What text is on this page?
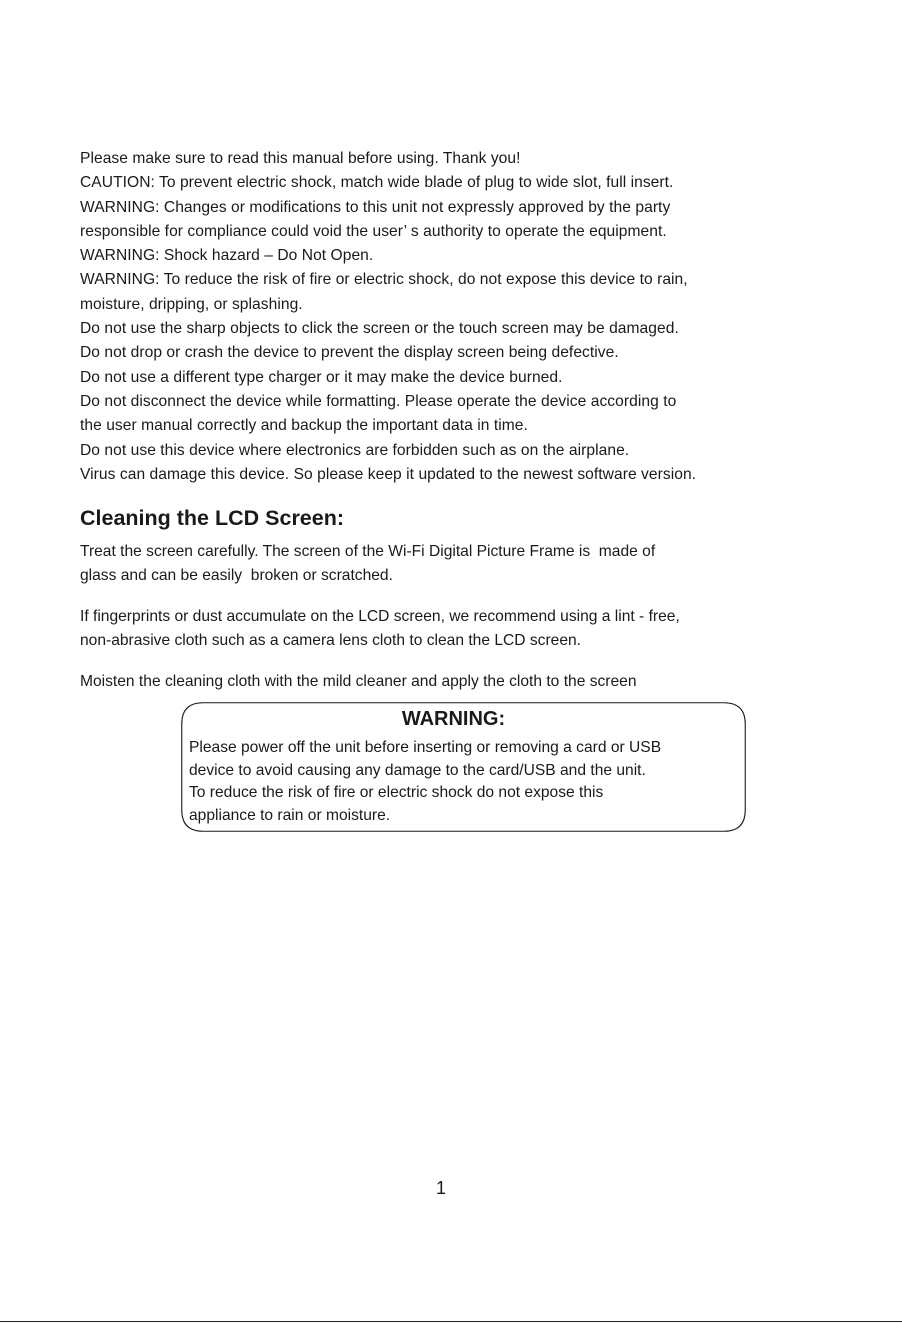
Please make sure to read this manual before using. Thank you!
CAUTION: To prevent electric shock, match wide blade of plug to wide slot, full insert.
WARNING: Changes or modifications to this unit not expressly approved by the party
responsible for compliance could void the user’ s authority to operate the equipment.
WARNING: Shock hazard – Do Not Open.
WARNING: To reduce the risk of fire or electric shock, do not expose this device to rain,
moisture, dripping, or splashing.
Do not use the sharp objects to click the screen or the touch screen may be damaged.
Do not drop or crash the device to prevent the display screen being defective.
Do not use a different type charger or it may make the device burned.
Do not disconnect the device while formatting. Please operate the device according to
the user manual correctly and backup the important data in time.
Do not use this device where electronics are forbidden such as on the airplane.
Virus can damage this device. So please keep it updated to the newest software version.
Cleaning the LCD Screen:

Treat the screen carefully. The screen of the Wi-Fi Digital Picture Frame is  made of
glass and can be easily  broken or scratched.

If fingerprints or dust accumulate on the LCD screen, we recommend using a lint - free,
non-abrasive cloth such as a camera lens cloth to clean the LCD screen.

Moisten the cleaning cloth with the mild cleaner and apply the cloth to the screen

WARNING:

Please power off the unit before inserting or removing a card or USB
device to avoid causing any damage to the card/USB and the unit.
To reduce the risk of fire or electric shock do not expose this
appliance to rain or moisture.

1
